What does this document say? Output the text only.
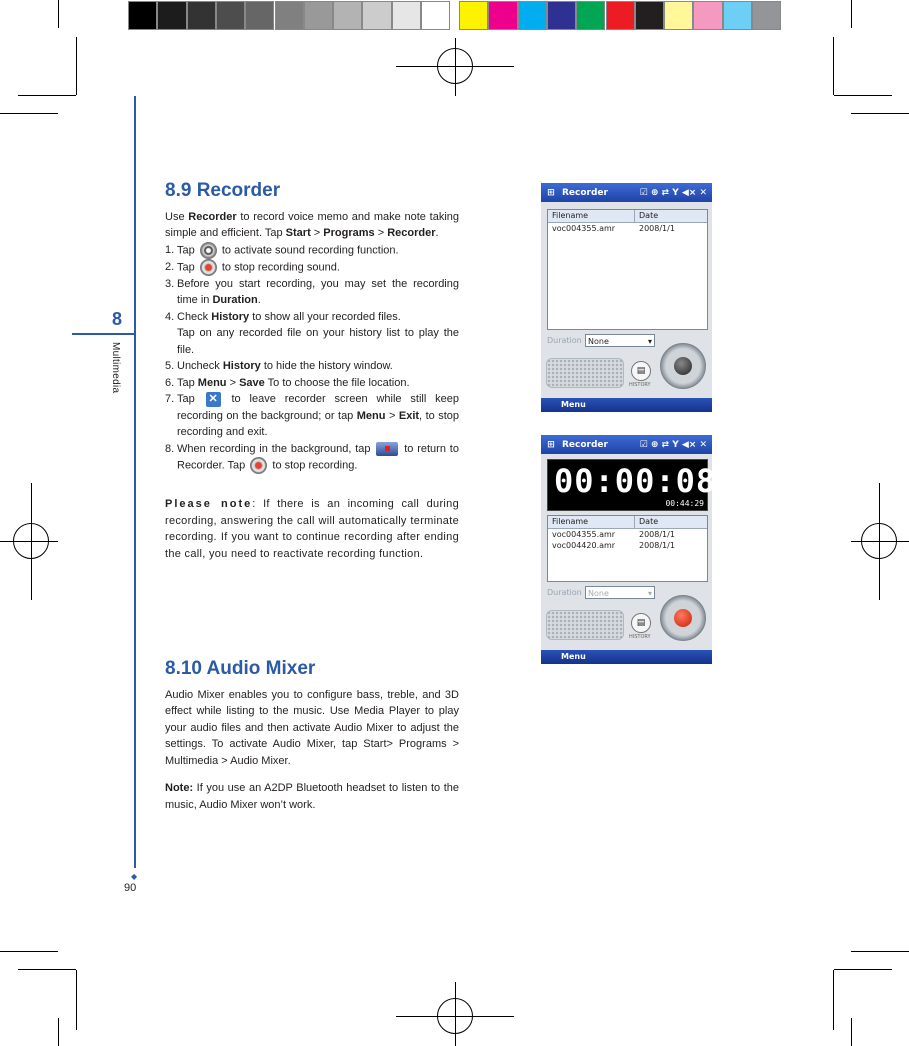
8
Multimedia
◆
90
8.9 Recorder

Use Recorder to record voice memo and make note taking simple and efficient. Tap Start > Programs > Recorder.

1. Tap  to activate sound recording function.
2. Tap  to stop recording sound.
3. Before you start recording, you may set the recording time in Duration.
4. Check History to show all your recorded files.
Tap on any recorded file on your history list to play the file.
5. Uncheck History to hide the history window.
6. Tap Menu > Save To to choose the file location.
7. Tap ✕ to leave recorder screen while still keep recording on the background; or tap Menu > Exit, to stop recording and exit.
8. When recording in the background, tap  to return to Recorder. Tap  to stop recording.

Please note: If there is an incoming call during recording, answering the call will automatically terminate recording. If you want to continue recording after ending the call, you need to reactivate recording function.

8.10 Audio Mixer

Audio Mixer enables you to configure bass, treble, and 3D effect while listing to the music. Use Media Player to play your audio files and then activate Audio Mixer to adjust the settings. To activate Audio Mixer, tap Start> Programs > Multimedia > Audio Mixer.

Note: If you use an A2DP Bluetooth headset to listen to the music, Audio Mixer won’t work.

⊞ Recorder	☑ ⊕ ⇄ Y ◀× ✕
Filename	Date
voc004355.amr	2008/1/1
Duration None ▾
▤
HISTORY
Menu
⊞ Recorder	☑ ⊕ ⇄ Y ◀× ✕
00:00:08
00:44:29
Filename	Date
voc004355.amr	2008/1/1
voc004420.amr	2008/1/1
Duration None ▾
▤
HISTORY
Menu
